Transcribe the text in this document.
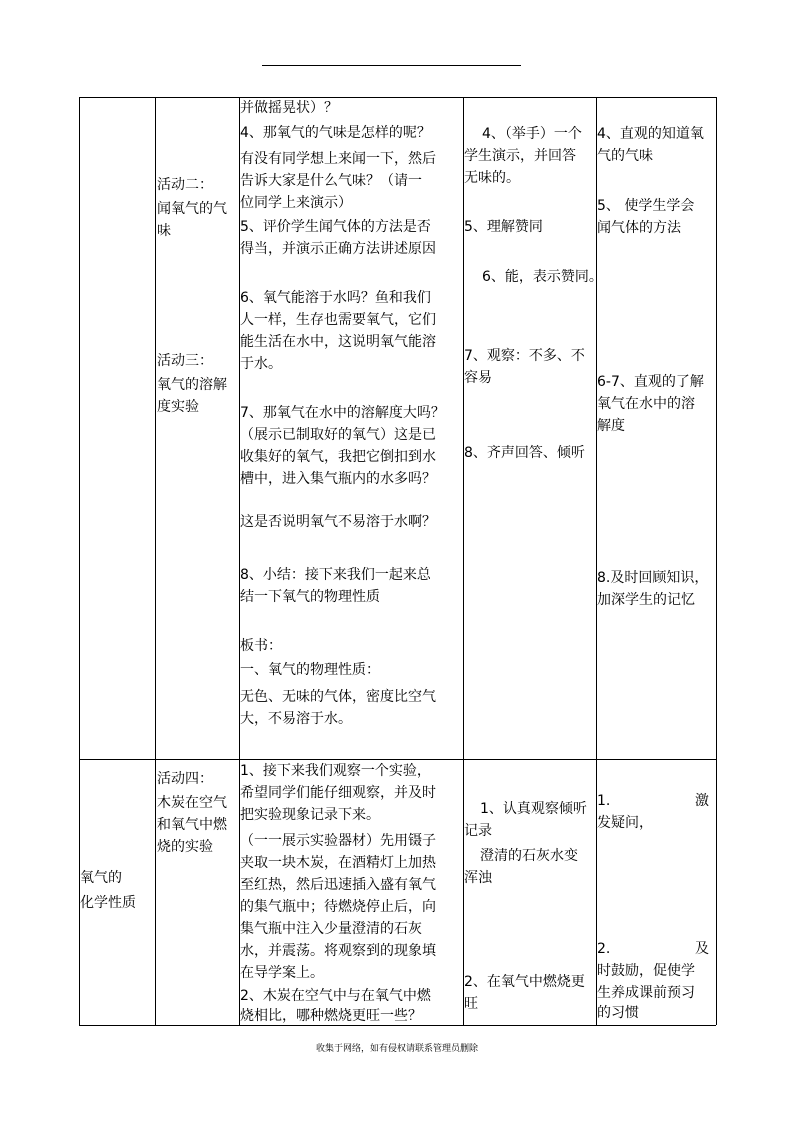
活动二：
闻氧气的气
味
活动三：
氧气的溶解
度实验
并做摇晃状）？
4、那氧气的气味是怎样的呢？
有没有同学想上来闻一下，然后
告诉大家是什么气味？（请一
位同学上来演示）
5、评价学生闻气体的方法是否
得当，并演示正确方法讲述原因
6、氧气能溶于水吗？鱼和我们
人一样，生存也需要氧气，它们
能生活在水中，这说明氧气能溶
于水。
7、那氧气在水中的溶解度大吗？
（展示已制取好的氧气）这是已
收集好的氧气，我把它倒扣到水
槽中，进入集气瓶内的水多吗？
这是否说明氧气不易溶于水啊？
8、小结：接下来我们一起来总
结一下氧气的物理性质
板书：
一、氧气的物理性质：
无色、无味的气体，密度比空气
大，不易溶于水。
4、（举手）一个
学生演示，并回答
无味的。
5、理解赞同
6、能，表示赞同。
7、观察：不多、不
容易
8、齐声回答、倾听
4、直观的知道氧
气的气味
5、 使学生学会
闻气体的方法
6-7、直观的了解
氧气在水中的溶
解度
8.及时回顾知识，
加深学生的记忆
氧气的
化学性质
活动四：
木炭在空气
和氧气中燃
烧的实验
1、接下来我们观察一个实验，
希望同学们能仔细观察，并及时
把实验现象记录下来。
（一一展示实验器材）先用镊子
夹取一块木炭，在酒精灯上加热
至红热，然后迅速插入盛有氧气
的集气瓶中；待燃烧停止后，向
集气瓶中注入少量澄清的石灰
水，并震荡。将观察到的现象填
在导学案上。
2、木炭在空气中与在氧气中燃
烧相比，哪种燃烧更旺一些？
1、认真观察倾听
记录
澄清的石灰水变
浑浊
2、在氧气中燃烧更
旺
1.	激
发疑问，
2.	及
时鼓励，促使学
生养成课前预习
的习惯
收集于网络，如有侵权请联系管理员删除
